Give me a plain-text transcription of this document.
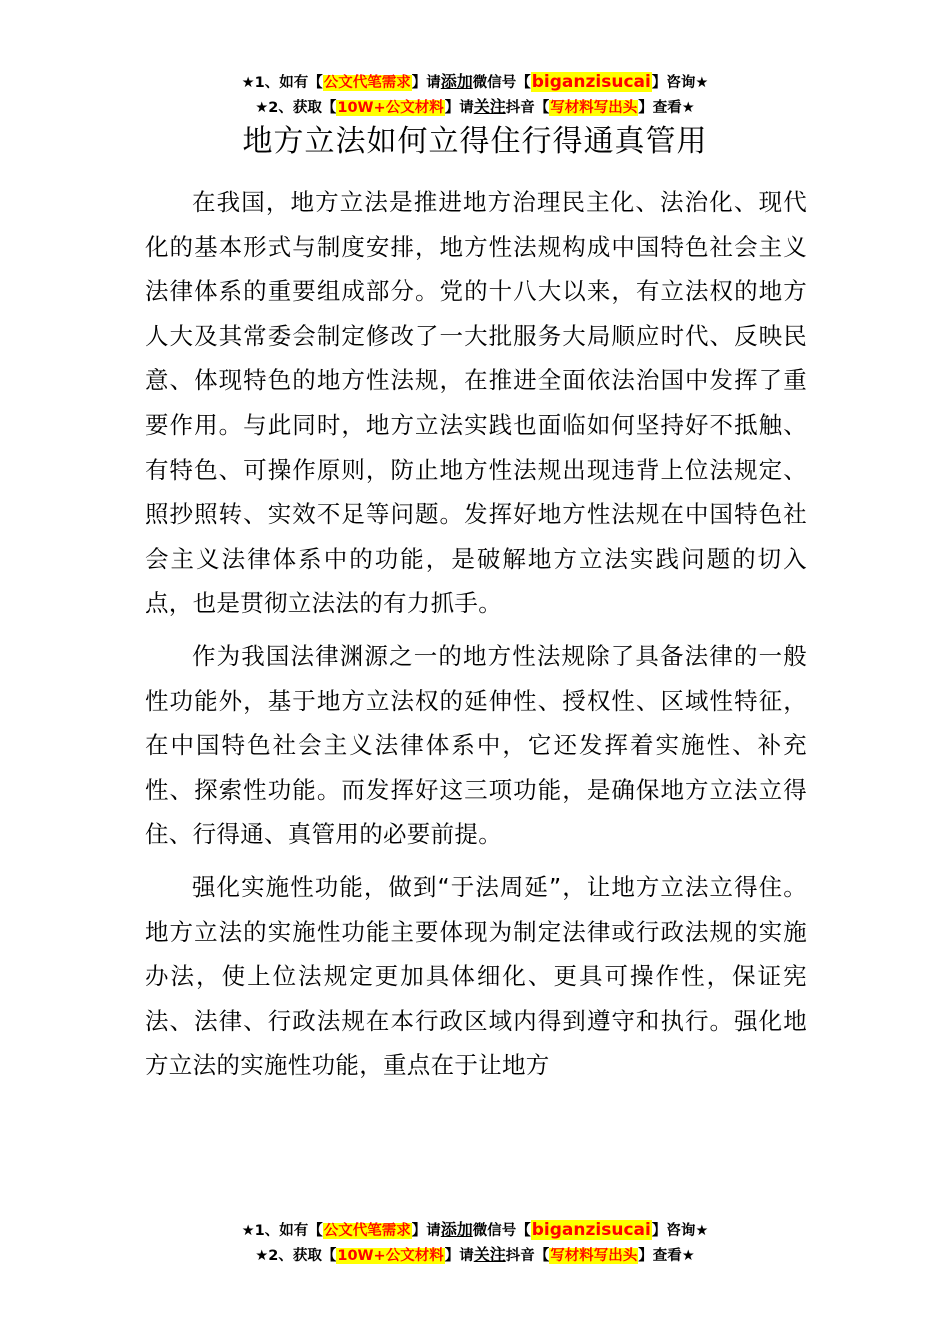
★1、如有【公文代笔需求】请添加微信号【biganzisucai】咨询★
★2、获取【10W+公文材料】请关注抖音【写材料写出头】查看★
地方立法如何立得住行得通真管用

在我国，地方立法是推进地方治理民主化、法治化、现代化的基本形式与制度安排，地方性法规构成中国特色社会主义法律体系的重要组成部分。党的十八大以来，有立法权的地方人大及其常委会制定修改了一大批服务大局顺应时代、反映民意、体现特色的地方性法规，在推进全面依法治国中发挥了重要作用。与此同时，地方立法实践也面临如何坚持好不抵触、有特色、可操作原则，防止地方性法规出现违背上位法规定、照抄照转、实效不足等问题。发挥好地方性法规在中国特色社会主义法律体系中的功能，是破解地方立法实践问题的切入点，也是贯彻立法法的有力抓手。

作为我国法律渊源之一的地方性法规除了具备法律的一般性功能外，基于地方立法权的延伸性、授权性、区域性特征，在中国特色社会主义法律体系中，它还发挥着实施性、补充性、探索性功能。而发挥好这三项功能，是确保地方立法立得住、行得通、真管用的必要前提。

强化实施性功能，做到“于法周延”，让地方立法立得住。地方立法的实施性功能主要体现为制定法律或行政法规的实施办法，使上位法规定更加具体细化、更具可操作性，保证宪法、法律、行政法规在本行政区域内得到遵守和执行。强化地方立法的实施性功能，重点在于让地方

★1、如有【公文代笔需求】请添加微信号【biganzisucai】咨询★
★2、获取【10W+公文材料】请关注抖音【写材料写出头】查看★
